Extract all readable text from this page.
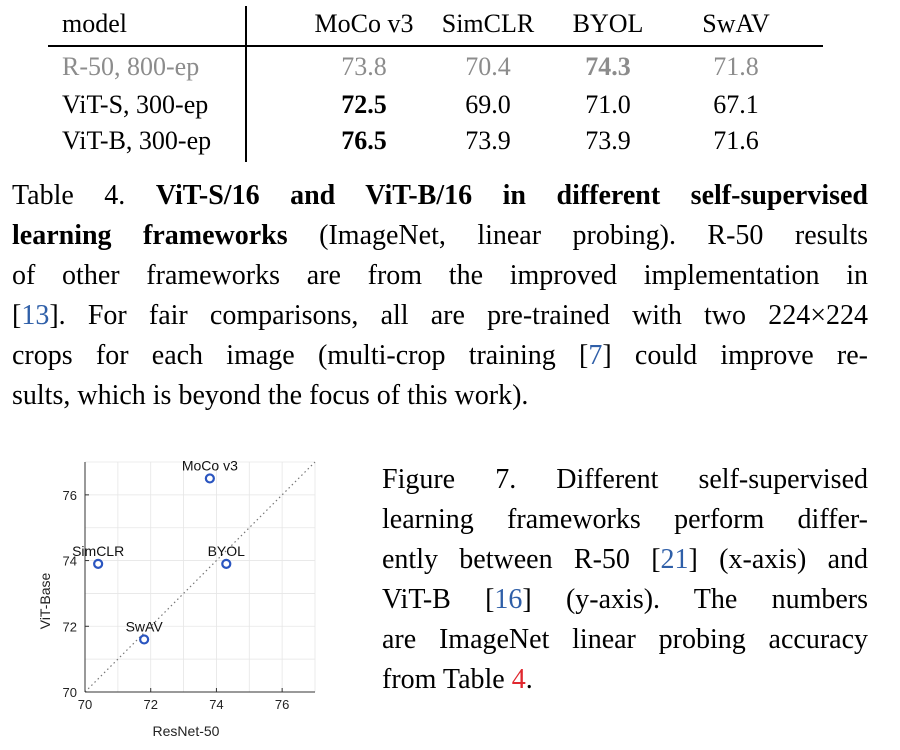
model	MoCo v3	SimCLR	BYOL	SwAV
R-50, 800-ep	73.8	70.4	74.3	71.8
ViT-S, 300-ep	72.5	69.0	71.0	67.1
ViT-B, 300-ep	76.5	73.9	73.9	71.6
Table 4. ViT-S/16 and ViT-B/16 in different self-supervised
learning frameworks (ImageNet, linear probing). R-50 results
of other frameworks are from the improved implementation in
[13]. For fair comparisons, all are pre-trained with two 224×224
crops for each image (multi-crop training [7] could improve re-
sults, which is beyond the focus of this work).
70	72	74	76
70
72
74
76
ResNet-50
ViT-Base
MoCo v3
SimCLR	BYOL
SwAV
Figure 7. Different self-supervised
learning frameworks perform differ-
ently between R-50 [21] (x-axis) and
ViT-B [16] (y-axis). The numbers
are ImageNet linear probing accuracy
from Table 4.
